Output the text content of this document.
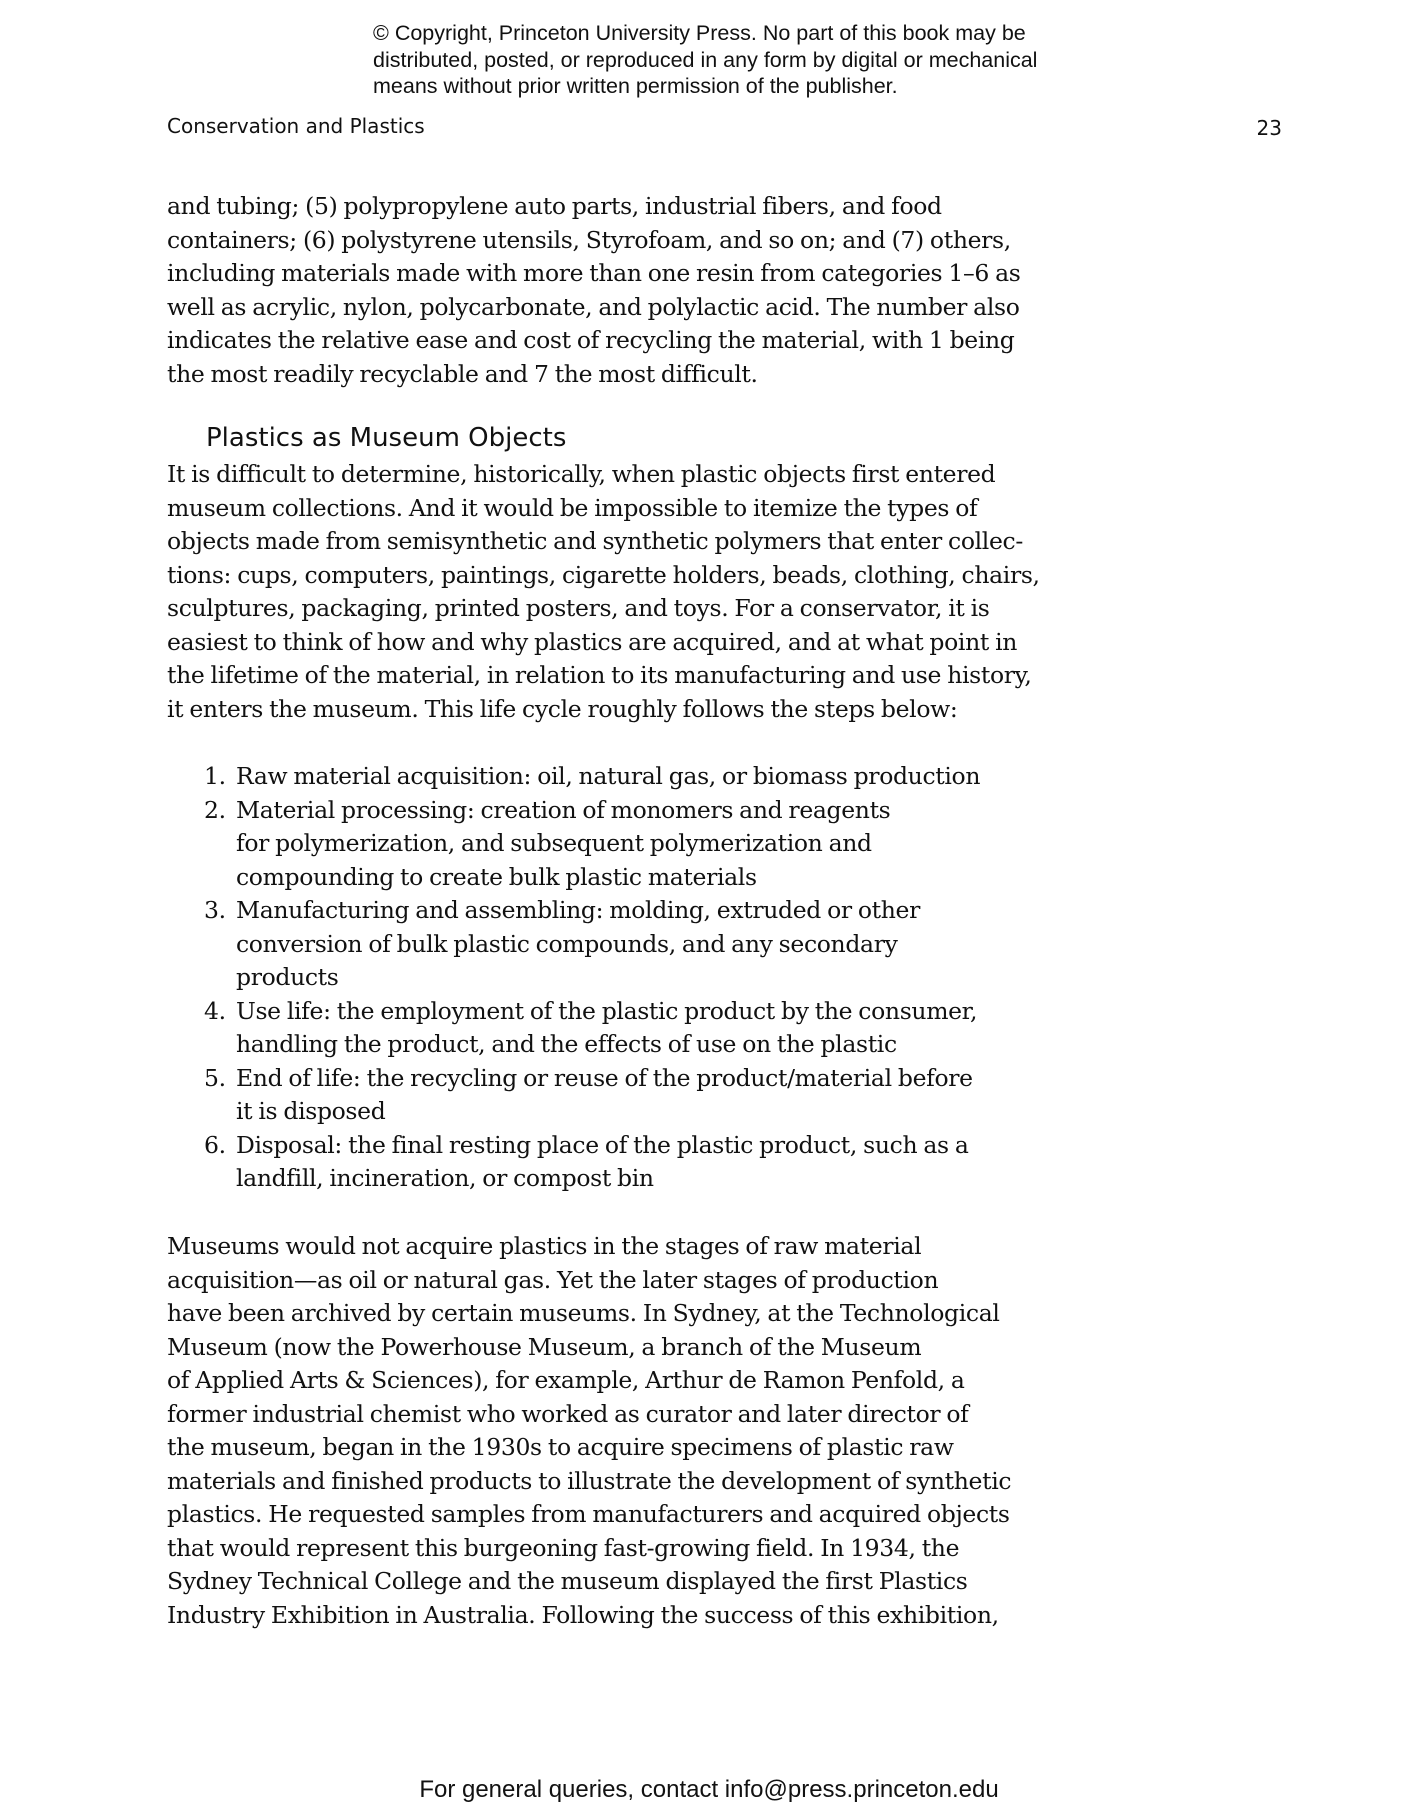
© Copyright, Princeton University Press. No part of this book may be
distributed, posted, or reproduced in any form by digital or mechanical
means without prior written permission of the publisher.
Conservation and Plastics	23
and tubing; (5) polypropylene auto parts, industrial fibers, and food
containers; (6) polystyrene utensils, Styrofoam, and so on; and (7) others,
including materials made with more than one resin from categories 1–6 as
well as acrylic, nylon, polycarbonate, and polylactic acid. The number also
indicates the relative ease and cost of recycling the material, with 1 being
the most readily recyclable and 7 the most difficult.
Plastics as Museum Objects
It is difficult to determine, historically, when plastic objects first entered
museum collections. And it would be impossible to itemize the types of
objects made from semisynthetic and synthetic polymers that enter collec-
tions: cups, computers, paintings, cigarette holders, beads, clothing, chairs,
sculptures, packaging, printed posters, and toys. For a conservator, it is
easiest to think of how and why plastics are acquired, and at what point in
the lifetime of the material, in relation to its manufacturing and use history,
it enters the museum. This life cycle roughly follows the steps below:
1. Raw material acquisition: oil, natural gas, or biomass production
2. Material processing: creation of monomers and reagents
for polymerization, and subsequent polymerization and
compounding to create bulk plastic materials
3. Manufacturing and assembling: molding, extruded or other
conversion of bulk plastic compounds, and any secondary
products
4. Use life: the employment of the plastic product by the consumer,
handling the product, and the effects of use on the plastic
5. End of life: the recycling or reuse of the product/material before
it is disposed
6. Disposal: the final resting place of the plastic product, such as a
landfill, incineration, or compost bin
Museums would not acquire plastics in the stages of raw material
acquisition—as oil or natural gas. Yet the later stages of production
have been archived by certain museums. In Sydney, at the Technological
Museum (now the Powerhouse Museum, a branch of the Museum
of Applied Arts & Sciences), for example, Arthur de Ramon Penfold, a
former industrial chemist who worked as curator and later director of
the museum, began in the 1930s to acquire specimens of plastic raw
materials and finished products to illustrate the development of synthetic
plastics. He requested samples from manufacturers and acquired objects
that would represent this burgeoning fast-growing field. In 1934, the
Sydney Technical College and the museum displayed the first Plastics
Industry Exhibition in Australia. Following the success of this exhibition,
For general queries, contact info@press.princeton.edu
